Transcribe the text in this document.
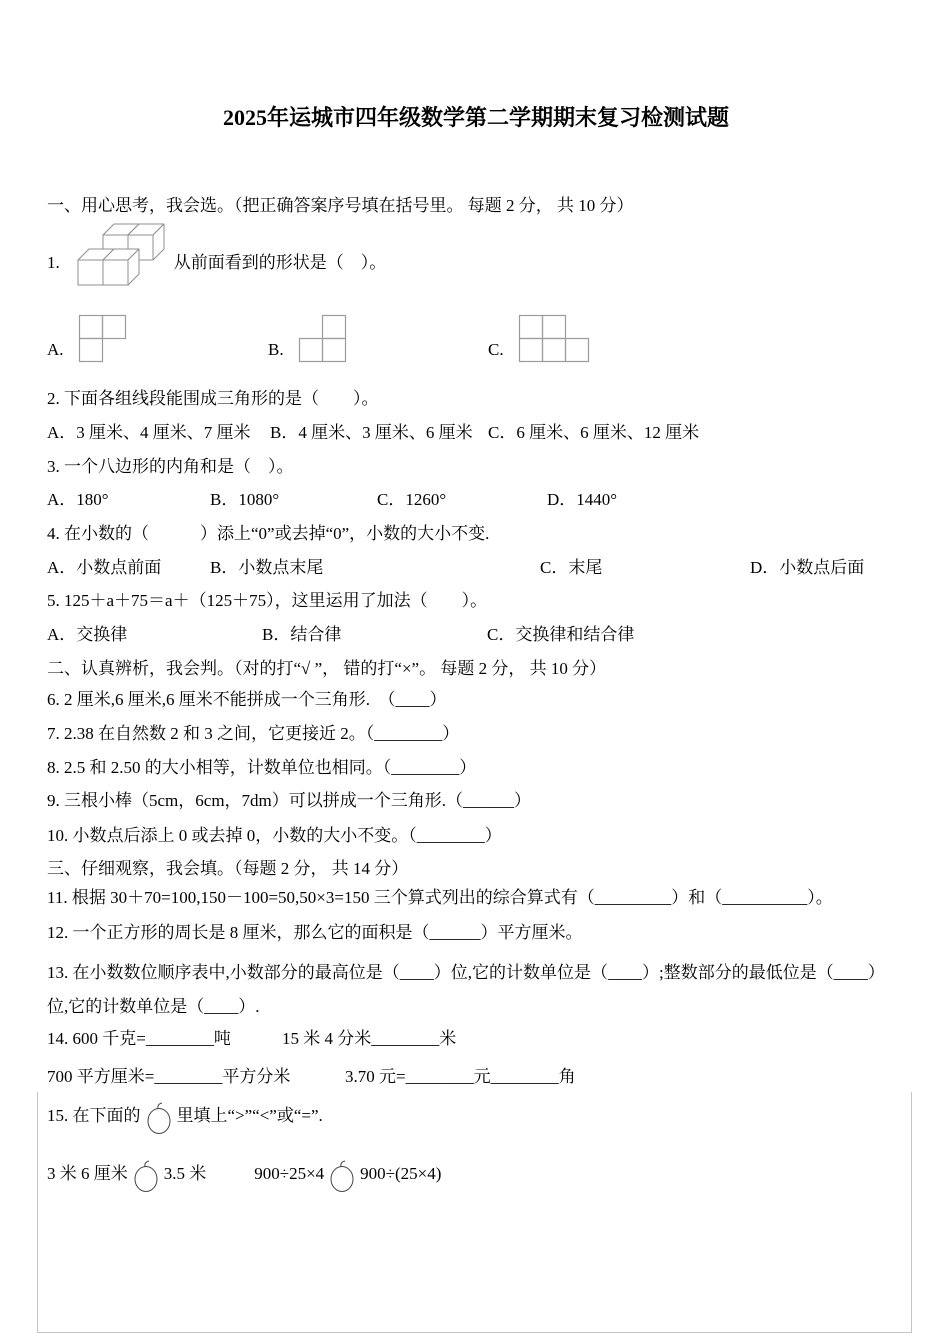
2025年运城市四年级数学第二学期期末复习检测试题

一、用心思考，我会选。（把正确答案序号填在括号里。 每题 2 分， 共 10 分）

1.	从前面看到的形状是（　）。
A.	B.	C.

2. 下面各组线段能围成三角形的是（　　）。

A．3 厘米、4 厘米、7 厘米	B．4 厘米、3 厘米、6 厘米 C．6 厘米、6 厘米、12 厘米

3. 一个八边形的内角和是（　）。

A．180°	B．1080°	C．1260°	D．1440°

4. 在小数的（　　　）添上“0”或去掉“0”，小数的大小不变.

A．小数点前面	B．小数点末尾	C．末尾	D．小数点后面

5. 125＋a＋75＝a＋（125＋75），这里运用了加法（　　）。

A．交换律	B．结合律	C．交换律和结合律

二、认真辨析，我会判。（对的打“√ ”， 错的打“×”。 每题 2 分， 共 10 分）

6. 2 厘米,6 厘米,6 厘米不能拼成一个三角形.　（____）

7. 2.38 在自然数 2 和 3 之间，它更接近 2。（________）

8. 2.5 和 2.50 的大小相等，计数单位也相同。（________）

9. 三根小棒（5cm，6cm，7dm）可以拼成一个三角形.（______）

10. 小数点后添上 0 或去掉 0，小数的大小不变。（________）

三、仔细观察，我会填。（每题 2 分， 共 14 分）

11. 根据 30＋70=100,150－100=50,50×3=150 三个算式列出的综合算式有（_________）和（__________）。

12. 一个正方形的周长是 8 厘米，那么它的面积是（______）平方厘米。

13. 在小数数位顺序表中,小数部分的最高位是（____）位,它的计数单位是（____）;整数部分的最低位是（____）位,它的计数单位是（____）.

14. 600 千克=________吨	15 米 4 分米________米
700 平方厘米=________平方分米	3.70 元=________元________角
15. 在下面的 里填上“>”“<”或“=”.
3 米 6 厘米 3.5 米	900÷25×4 900÷(25×4)
